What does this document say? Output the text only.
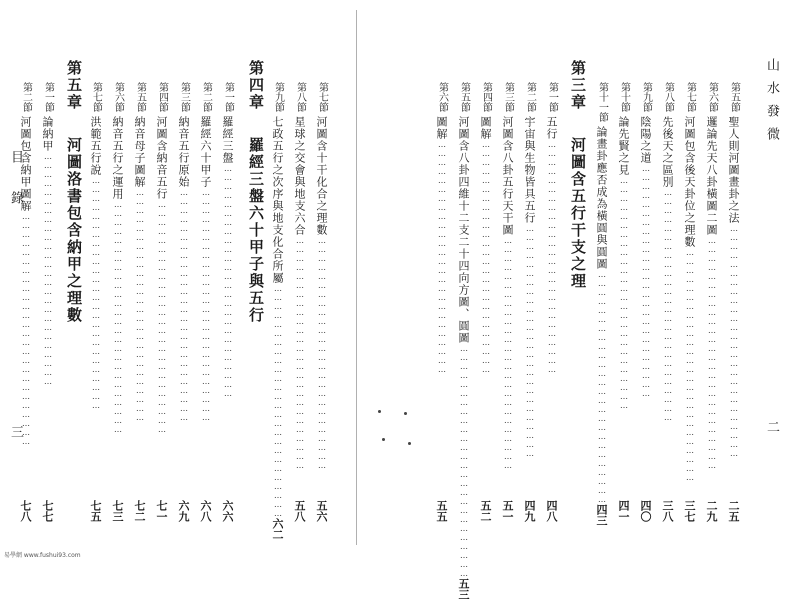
山水發微
二
第五節
聖人則河圖畫卦之法
……………………………………………………………………
二五
第六節
邏論先天八卦橫圖二圖
……………………………………………………………………
二九
第七節
河圖包含後天卦位之理數
……………………………………………………………………
三七
第八節
先後天之區別
……………………………………………………………………
三八
第九節
陰陽之道
……………………………………………………………………
四〇
第十節
論先賢之見
……………………………………………………………………
四一
第十一節
論畫卦應否成為橫圓與圓圖
……………………………………………………………………
四三
第三章 河圖含五行干支之理
第一節
五行
……………………………………………………………………
四八
第二節
宇宙與生物皆具五行
……………………………………………………………………
四九
第三節
河圖含八卦五行天干圖
……………………………………………………………………
五一
第四節
圖解
……………………………………………………………………
五二
第五節
河圖含八卦四維十二支二十四向方圖、圓圖
……………………………………………………………………
五三
第六節
圖解
……………………………………………………………………
五五
第七節
河圖含十干化合之理數
……………………………………………………………………
五六
第八節
星球之交會與地支六合
……………………………………………………………………
五八
第九節
七政五行之次序與地支化合所屬
……………………………………………………………………
六二
第四章 羅經三盤六十甲子與五行
第一節
羅經三盤
……………………………………………………………………
六六
第二節
羅經六十甲子
……………………………………………………………………
六八
第三節
納音五行原始
……………………………………………………………………
六九
第四節
河圖含納音五行
……………………………………………………………………
七一
第五節
納音母子圖解
……………………………………………………………………
七二
第六節
納音五行之運用
……………………………………………………………………
七三
第七節
洪範五行說
……………………………………………………………………
七五
第五章 河圖洛書包含納甲之理數
第一節
論納甲
……………………………………………………………………
七七
第二節
河圖包含納甲圖解
……………………………………………………………………
七八
目錄
三
易學網 www.fushui93.com
